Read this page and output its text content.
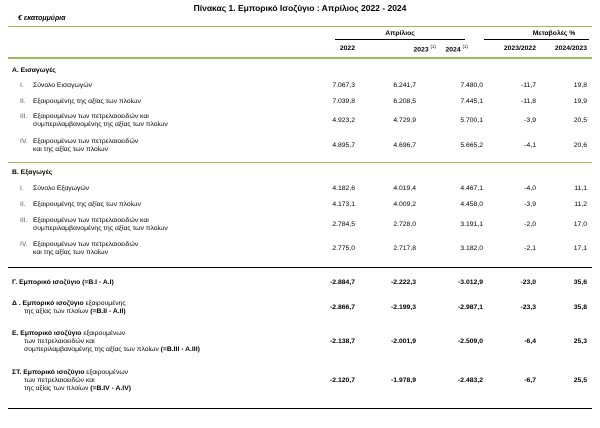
Πίνακας 1. Εμπορικό Ισοζύγιο : Απρίλιος 2022 - 2024
€ εκατομμύρια
Απρίλιος	Μεταβολές %
2022	2023 $^{(1)}$	2024 $^{(1)}$	2023/2022	2024/2023
Α. Εισαγωγές
I. Σύνολο Εισαγωγών	7.067,3	6.241,7	7.480,0	-11,7	19,8
II. Εξαιρουμένης της αξίας των πλοίων	7.039,8	6.208,5	7.445,1	-11,8	19,9
III. Εξαιρουμένων των πετρελαιοειδών και
συμπεριλαμβανομένης της αξίας των πλοίων
4.923,2	4.729,9	5.700,1	-3,9	20,5
IV. Εξαιρουμένων των πετρελαιοειδών
και της αξίας των πλοίων
4.895,7	4.696,7	5.665,2	-4,1	20,6
Β. Εξαγωγές
I. Σύνολο Εξαγωγών	4.182,6	4.019,4	4.467,1	-4,0	11,1
II. Εξαιρουμένης της αξίας των πλοίων	4.173,1	4.009,2	4.458,0	-3,9	11,2
III. Εξαιρουμένων των πετρελαιοειδών και
συμπεριλαμβανομένης της αξίας των πλοίων
2.784,5	2.728,0	3.191,1	-2,0	17,0
IV. Εξαιρουμένων των πετρελαιοειδών
και της αξίας των πλοίων
2.775,0	2.717,8	3.182,0	-2,1	17,1
Γ. Εμπορικό ισοζύγιο (=B.I - A.I)	-2.884,7	-2.222,3	-3.012,9	-23,0	35,6
Δ . Εμπορικό ισοζύγιο εξαιρουμένης
της αξίας των πλοίων (=B.II - A.II)
-2.866,7	-2.199,3	-2.987,1	-23,3	35,8
Ε. Εμπορικό ισοζύγιο εξαιρουμένων
των πετρελαιοειδών και
συμπεριλαμβανομένης της αξίας των πλοίων (=B.III - A.III)
-2.138,7	-2.001,9	-2.509,0	-6,4	25,3
ΣΤ. Εμπορικό ισοζύγιο εξαιρουμένων
των πετρελαιοειδών και
της αξίας των πλοίων (=B.IV - A.IV)
-2.120,7	-1.978,9	-2.483,2	-6,7	25,5
